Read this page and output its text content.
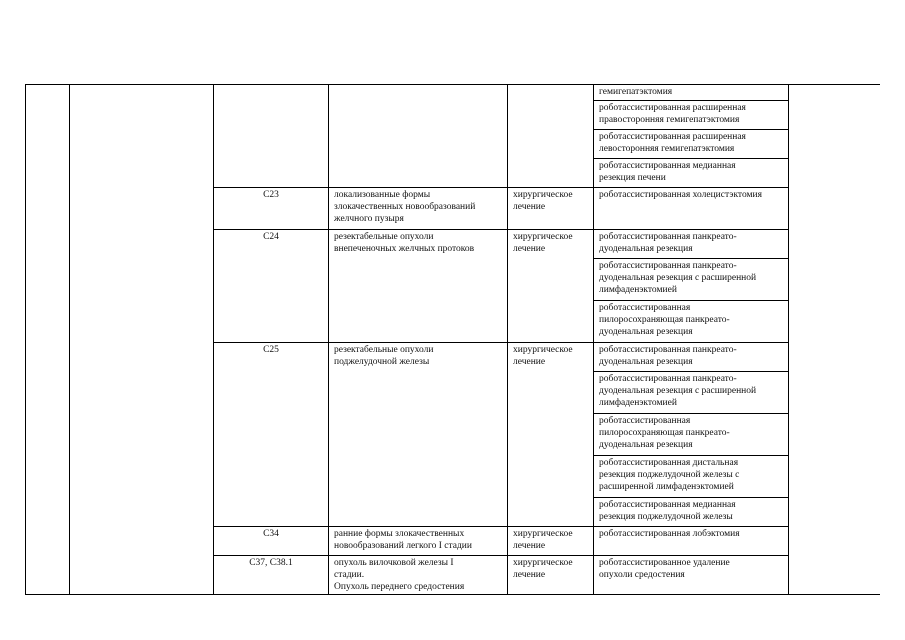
					гемигепатэктомия	

					роботассистированная расширенная
правосторонняя гемигепатэктомия	

					роботассистированная расширенная
левосторонняя гемигепатэктомия	

					роботассистированная медианная
резекция печени	

		C23	локализованные формы
злокачественных новообразований
желчного пузыря	хирургическое
лечение	роботассистированная холецистэктомия	

		C24	резектабельные опухоли
внепеченочных желчных протоков	хирургическое
лечение	роботассистированная панкреато-
дуоденальная резекция	

					роботассистированная панкреато-
дуоденальная резекция с расширенной
лимфаденэктомией	

					роботассистированная
пилоросохраняющая панкреато-
дуоденальная резекция	

		C25	резектабельные опухоли
поджелудочной железы	хирургическое
лечение	роботассистированная панкреато-
дуоденальная резекция	

					роботассистированная панкреато-
дуоденальная резекция с расширенной
лимфаденэктомией	

					роботассистированная
пилоросохраняющая панкреато-
дуоденальная резекция	

					роботассистированная дистальная
резекция поджелудочной железы с
расширенной лимфаденэктомией	

					роботассистированная медианная
резекция поджелудочной железы	

		C34	ранние формы злокачественных
новообразований легкого I стадии	хирургическое
лечение	роботассистированная лобэктомия	

		C37, C38.1	опухоль вилочковой железы I
стадии.
Опухоль переднего средостения	хирургическое
лечение	роботассистированное удаление
опухоли средостения	
